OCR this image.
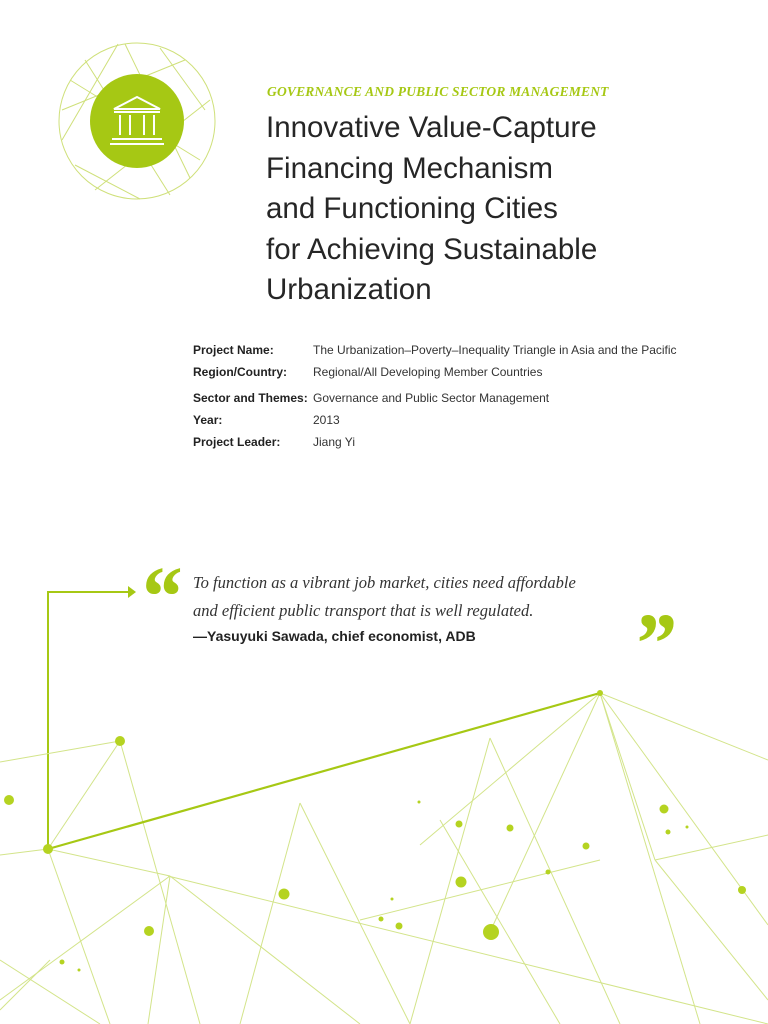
GOVERNANCE AND PUBLIC SECTOR MANAGEMENT
Innovative Value-Capture
Financing Mechanism
and Functioning Cities
for Achieving Sustainable
Urbanization
Project Name:	The Urbanization–Poverty–Inequality Triangle in Asia and the Pacific
Region/Country: Regional/All Developing Member Countries
Sector and Themes: Governance and Public Sector Management
Year:	2013
Project Leader:	Jiang Yi
“ To function as a vibrant job market, cities need affordable
and efficient public transport that is well regulated.
—Yasuyuki Sawada, chief economist, ADB ”
